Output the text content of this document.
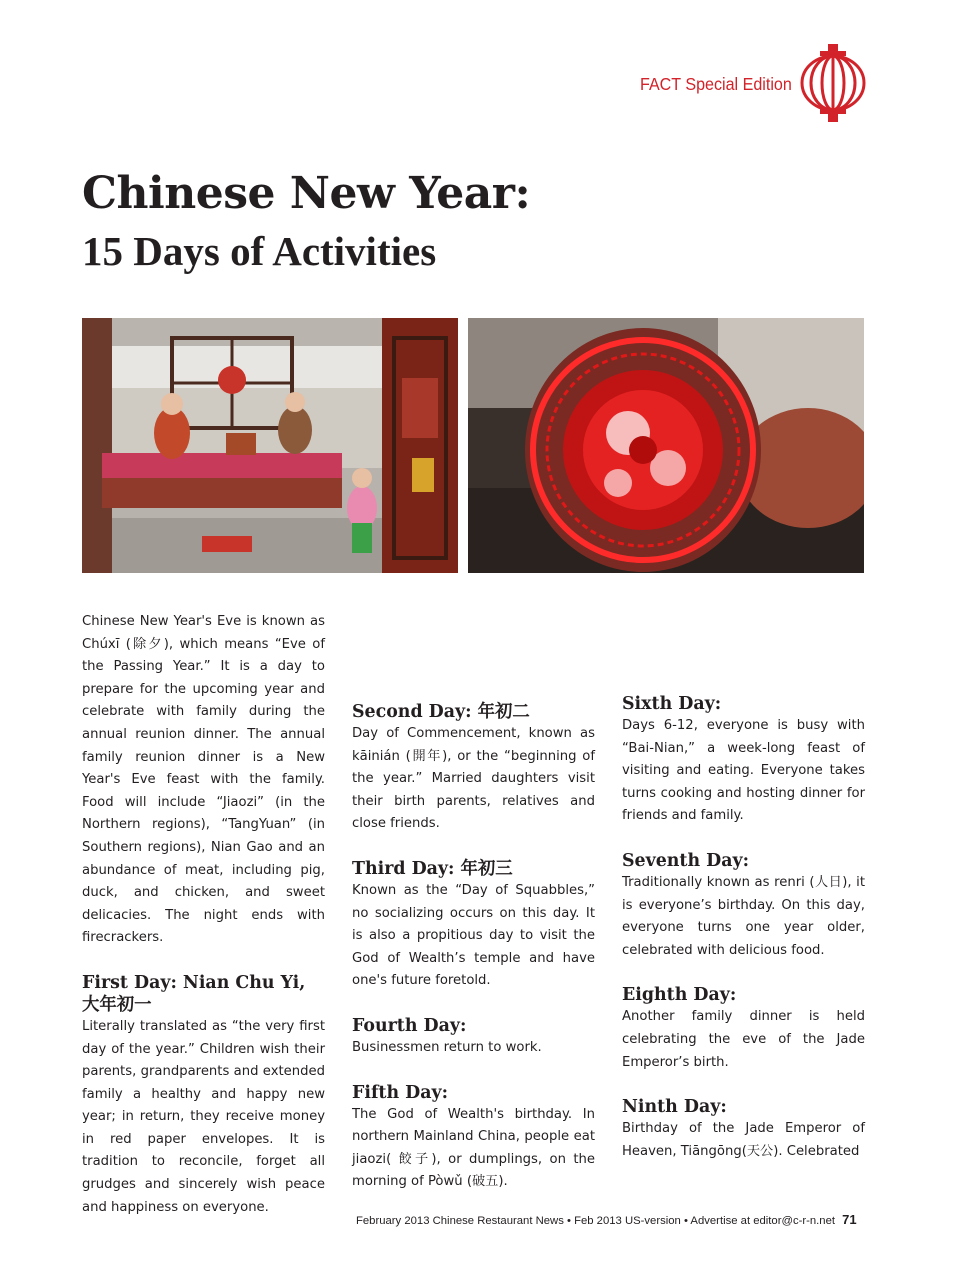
FACT Special Edition
Chinese New Year:
15 Days of Activities

Chinese New Year's Eve is known as Chúxī (除夕), which means “Eve of the Passing Year.” It is a day to prepare for the upcoming year and celebrate with family during the annual reunion dinner. The annual family reunion dinner is a New Year's Eve feast with the family. Food will include “Jiaozi” (in the Northern regions), “TangYuan” (in Southern regions), Nian Gao and an abundance of meat, including pig, duck, and chicken, and sweet delicacies. The night ends with firecrackers.

First Day: Nian Chu Yi, 大年初一

Literally translated as “the very first day of the year.” Children wish their parents, grandparents and extended family a healthy and happy new year; in return, they receive money in red paper envelopes. It is tradition to reconcile, forget all grudges and sincerely wish peace and happiness on everyone.

Second Day: 年初二

Day of Commencement, known as kāinián (開年), or the “beginning of the year.” Married daughters visit their birth parents, relatives and close friends.

Third Day: 年初三

Known as the “Day of Squabbles,” no socializing occurs on this day. It is also a propitious day to visit the God of Wealth’s temple and have one's future foretold.

Fourth Day:

Businessmen return to work.

Fifth Day:

The God of Wealth's birthday. In northern Mainland China, people eat jiaozi( 餃子), or dumplings, on the morning of Pòwǔ (破五).

Sixth Day:

Days 6-12, everyone is busy with “Bai-Nian,” a week-long feast of visiting and eating. Everyone takes turns cooking and hosting dinner for friends and family.

Seventh Day:

Traditionally known as renri (人日), it is everyone’s birthday. On this day, everyone turns one year older, celebrated with delicious food.

Eighth Day:

Another family dinner is held celebrating the eve of the Jade Emperor’s birth.

Ninth Day:

Birthday of the Jade Emperor of Heaven, Tiāngōng(天公). Celebrated

February 2013 Chinese Restaurant News • Feb 2013 US-version • Advertise at editor@c-r-n.net 71
